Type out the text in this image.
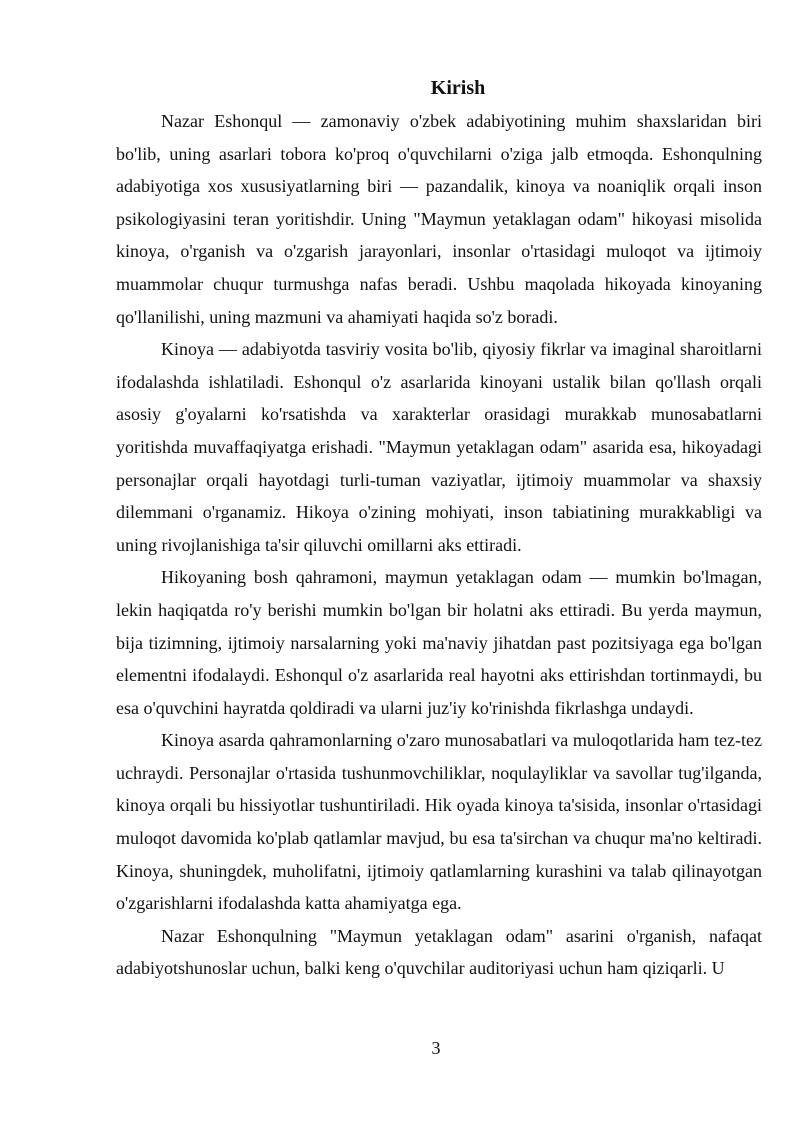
Kirish

Nazar Eshonqul — zamonaviy o'zbek adabiyotining muhim shaxslaridan biri bo'lib, uning asarlari tobora ko'proq o'quvchilarni o'ziga jalb etmoqda. Eshonqulning adabiyotiga xos xususiyatlarning biri — pazandalik, kinoya va noaniqlik orqali inson psikologiyasini teran yoritishdir. Uning "Maymun yetaklagan odam" hikoyasi misolida kinoya, o'rganish va o'zgarish jarayonlari, insonlar o'rtasidagi muloqot va ijtimoiy muammolar chuqur turmushga nafas beradi. Ushbu maqolada hikoyada kinoyaning qo'llanilishi, uning mazmuni va ahamiyati haqida so'z boradi.

Kinoya — adabiyotda tasviriy vosita bo'lib, qiyosiy fikrlar va imaginal sharoitlarni ifodalashda ishlatiladi. Eshonqul o'z asarlarida kinoyani ustalik bilan qo'llash orqali asosiy g'oyalarni ko'rsatishda va xarakterlar orasidagi murakkab munosabatlarni yoritishda muvaffaqiyatga erishadi. "Maymun yetaklagan odam" asarida esa, hikoyadagi personajlar orqali hayotdagi turli-tuman vaziyatlar, ijtimoiy muammolar va shaxsiy dilemmani o'rganamiz. Hikoya o'zining mohiyati, inson tabiatining murakkabligi va uning rivojlanishiga ta'sir qiluvchi omillarni aks ettiradi.

Hikoyaning bosh qahramoni, maymun yetaklagan odam — mumkin bo'lmagan, lekin haqiqatda ro'y berishi mumkin bo'lgan bir holatni aks ettiradi. Bu yerda maymun, bija tizimning, ijtimoiy narsalarning yoki ma'naviy jihatdan past pozitsiyaga ega bo'lgan elementni ifodalaydi. Eshonqul o'z asarlarida real hayotni aks ettirishdan tortinmaydi, bu esa o'quvchini hayratda qoldiradi va ularni juz'iy ko'rinishda fikrlashga undaydi.

Kinoya asarda qahramonlarning o'zaro munosabatlari va muloqotlarida ham tez-tez uchraydi. Personajlar o'rtasida tushunmovchiliklar, noqulayliklar va savollar tug'ilganda, kinoya orqali bu hissiyotlar tushuntiriladi. Hik oyada kinoya ta'sisida, insonlar o'rtasidagi muloqot davomida ko'plab qatlamlar mavjud, bu esa ta'sirchan va chuqur ma'no keltiradi. Kinoya, shuningdek, muholifatni, ijtimoiy qatlamlarning kurashini va talab qilinayotgan o'zgarishlarni ifodalashda katta ahamiyatga ega.

Nazar Eshonqulning "Maymun yetaklagan odam" asarini o'rganish, nafaqat adabiyotshunoslar uchun, balki keng o'quvchilar auditoriyasi uchun ham qiziqarli. U

3
